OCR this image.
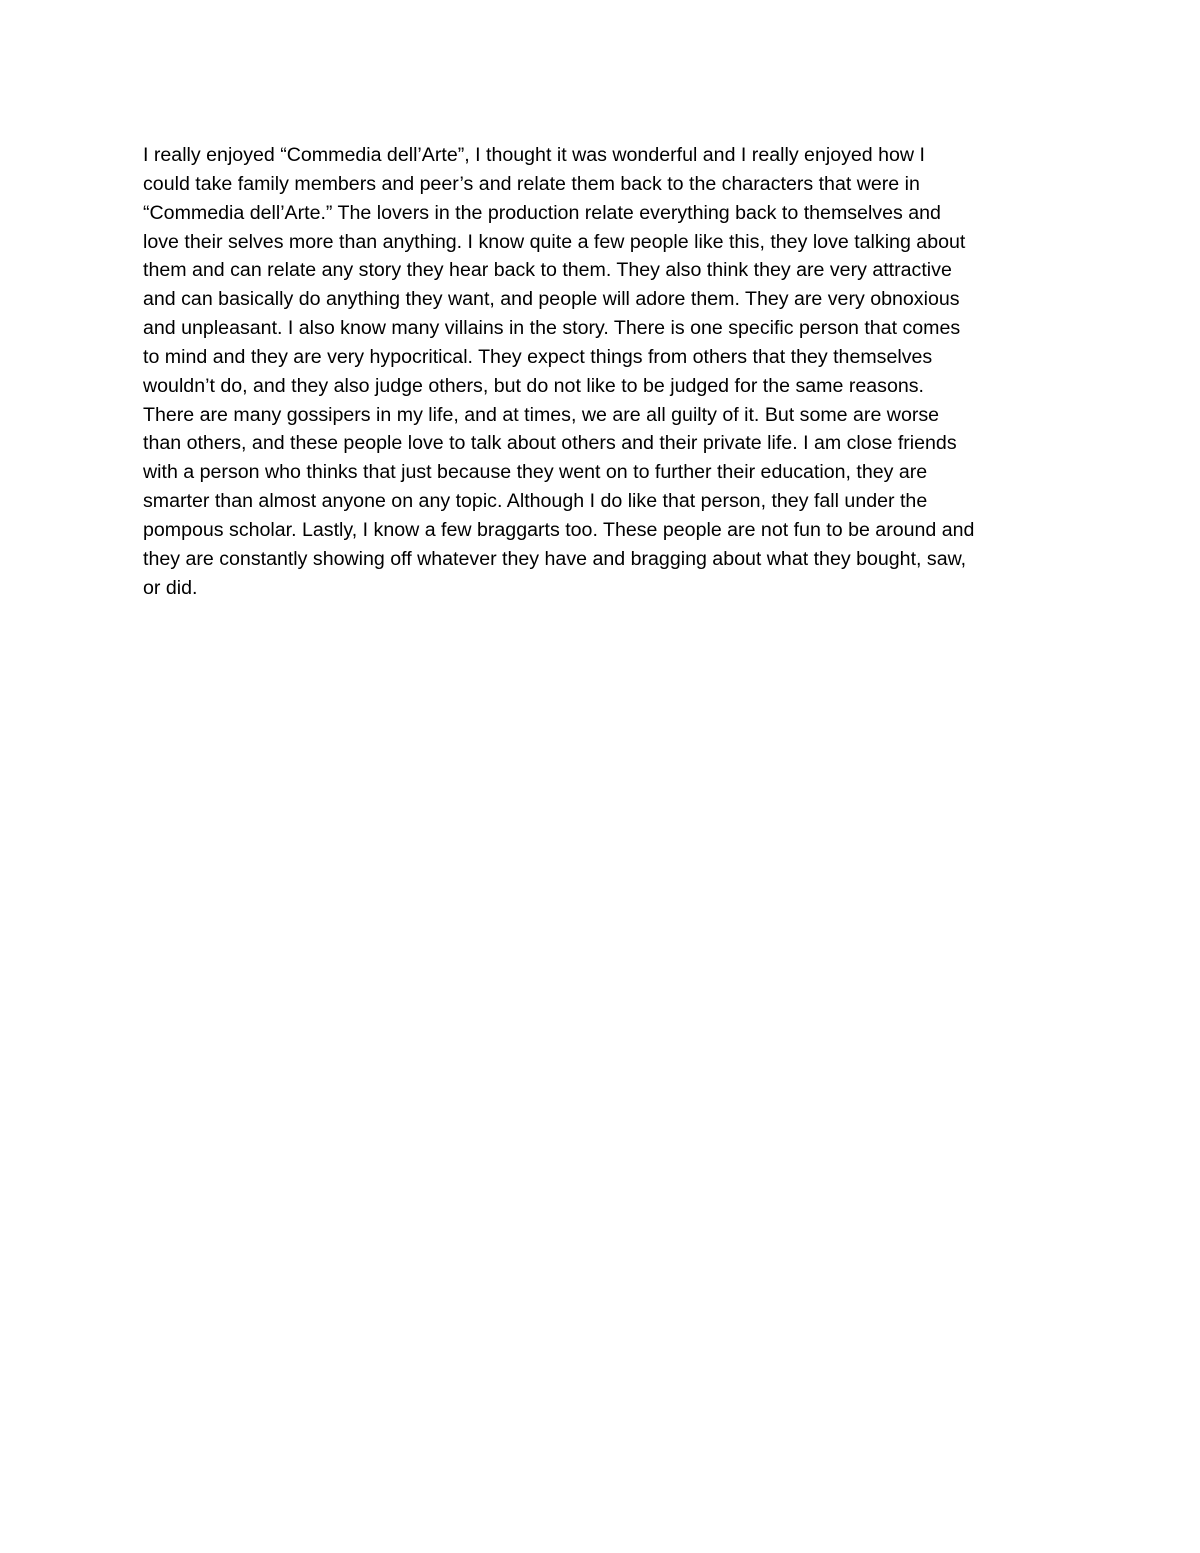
I really enjoyed “Commedia dell’Arte”, I thought it was wonderful and I really enjoyed how I
could take family members and peer’s and relate them back to the characters that were in
“Commedia dell’Arte.” The lovers in the production relate everything back to themselves and
love their selves more than anything. I know quite a few people like this, they love talking about
them and can relate any story they hear back to them. They also think they are very attractive
and can basically do anything they want, and people will adore them. They are very obnoxious
and unpleasant. I also know many villains in the story. There is one specific person that comes
to mind and they are very hypocritical. They expect things from others that they themselves
wouldn’t do, and they also judge others, but do not like to be judged for the same reasons.
There are many gossipers in my life, and at times, we are all guilty of it. But some are worse
than others, and these people love to talk about others and their private life. I am close friends
with a person who thinks that just because they went on to further their education, they are
smarter than almost anyone on any topic. Although I do like that person, they fall under the
pompous scholar. Lastly, I know a few braggarts too. These people are not fun to be around and
they are constantly showing off whatever they have and bragging about what they bought, saw,
or did.
